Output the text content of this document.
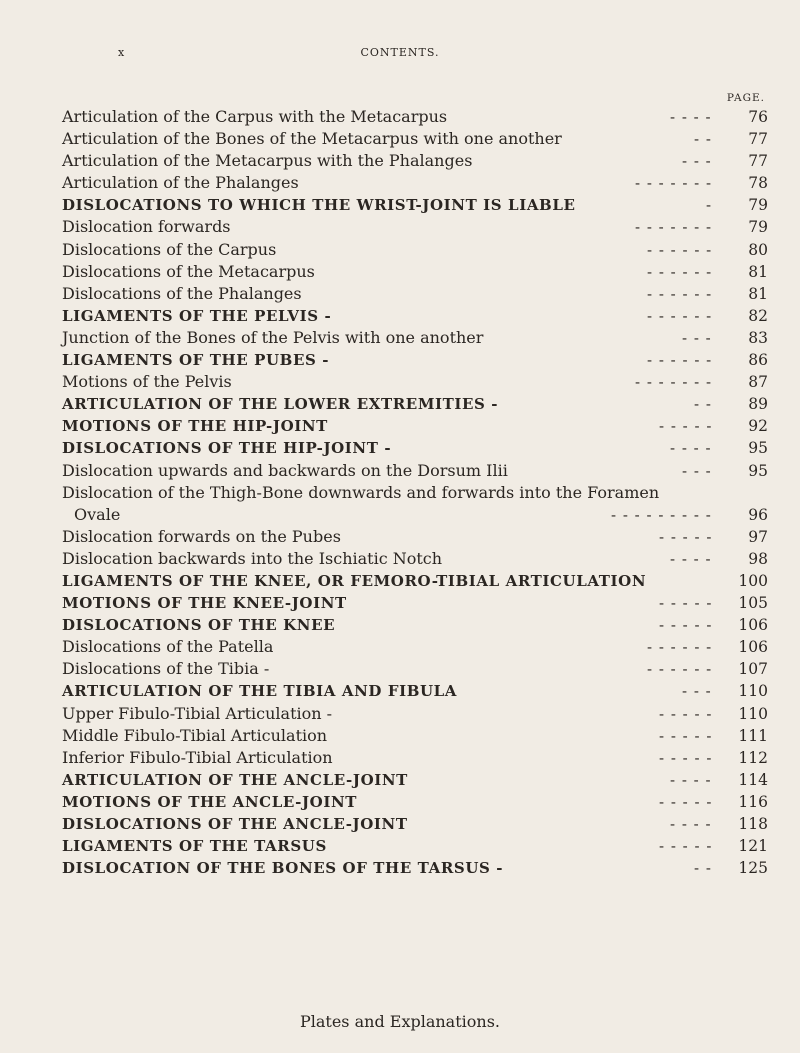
x	CONTENTS.
PAGE.
Articulation of the Carpus with the Metacarpus	- - - -	76
Articulation of the Bones of the Metacarpus with one another	- -	77
Articulation of the Metacarpus with the Phalanges	- - -	77
Articulation of the Phalanges	- - - - - - -	78
DISLOCATIONS TO WHICH THE WRIST-JOINT IS LIABLE	-	79
Dislocation forwards	- - - - - - -	79
Dislocations of the Carpus	- - - - - -	80
Dislocations of the Metacarpus	- - - - - -	81
Dislocations of the Phalanges	- - - - - -	81
LIGAMENTS OF THE PELVIS -	- - - - - -	82
Junction of the Bones of the Pelvis with one another	- - -	83
LIGAMENTS OF THE PUBES -	- - - - - -	86
Motions of the Pelvis	- - - - - - -	87
ARTICULATION OF THE LOWER EXTREMITIES -	- -	89
MOTIONS OF THE HIP-JOINT	- - - - -	92
DISLOCATIONS OF THE HIP-JOINT -	- - - -	95
Dislocation upwards and backwards on the Dorsum Ilii	- - -	95
Dislocation of the Thigh-Bone downwards and forwards into the Foramen
Ovale	- - - - - - - - -	96
Dislocation forwards on the Pubes	- - - - -	97
Dislocation backwards into the Ischiatic Notch	- - - -	98
LIGAMENTS OF THE KNEE, OR FEMORO-TIBIAL ARTICULATION	100
MOTIONS OF THE KNEE-JOINT	- - - - -	105
DISLOCATIONS OF THE KNEE	- - - - -	106
Dislocations of the Patella	- - - - - -	106
Dislocations of the Tibia -	- - - - - -	107
ARTICULATION OF THE TIBIA AND FIBULA	- - -	110
Upper Fibulo-Tibial Articulation -	- - - - -	110
Middle Fibulo-Tibial Articulation	- - - - -	111
Inferior Fibulo-Tibial Articulation	- - - - -	112
ARTICULATION OF THE ANCLE-JOINT	- - - -	114
MOTIONS OF THE ANCLE-JOINT	- - - - -	116
DISLOCATIONS OF THE ANCLE-JOINT	- - - -	118
LIGAMENTS OF THE TARSUS	- - - - -	121
DISLOCATION OF THE BONES OF THE TARSUS -	- -	125
Plates and Explanations.
